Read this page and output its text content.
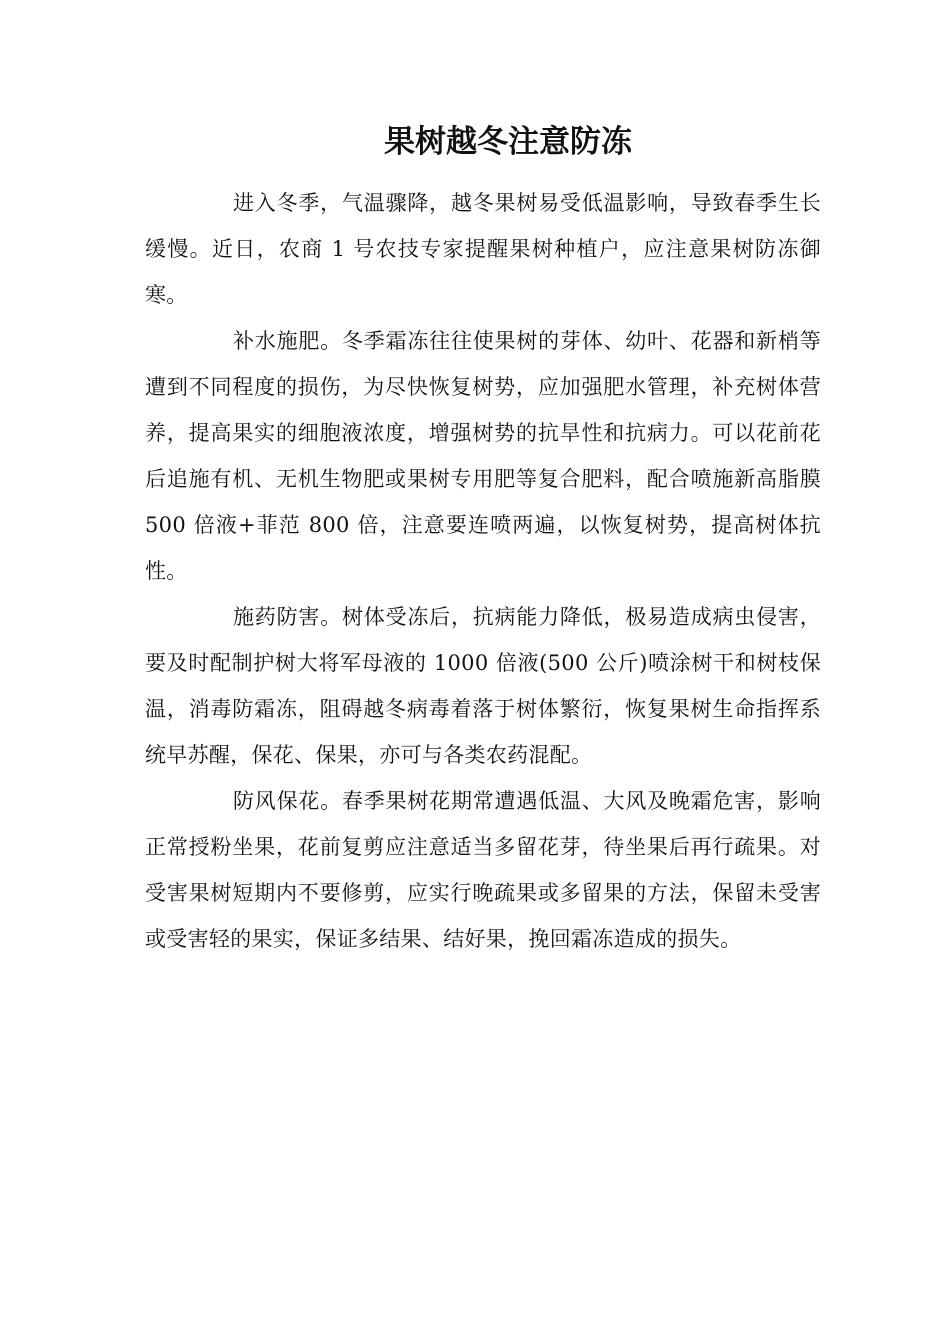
果树越冬注意防冻

进入冬季，气温骤降，越冬果树易受低温影响，导致春季生长缓慢。近日，农商 1 号农技专家提醒果树种植户，应注意果树防冻御寒。

补水施肥。冬季霜冻往往使果树的芽体、幼叶、花器和新梢等遭到不同程度的损伤，为尽快恢复树势，应加强肥水管理，补充树体营养，提高果实的细胞液浓度，增强树势的抗旱性和抗病力。可以花前花后追施有机、无机生物肥或果树专用肥等复合肥料，配合喷施新高脂膜 500 倍液+菲范 800 倍，注意要连喷两遍，以恢复树势，提高树体抗性。

施药防害。树体受冻后，抗病能力降低，极易造成病虫侵害，要及时配制护树大将军母液的 1000 倍液(500 公斤)喷涂树干和树枝保温，消毒防霜冻，阻碍越冬病毒着落于树体繁衍，恢复果树生命指挥系统早苏醒，保花、保果，亦可与各类农药混配。

防风保花。春季果树花期常遭遇低温、大风及晚霜危害，影响正常授粉坐果，花前复剪应注意适当多留花芽，待坐果后再行疏果。对受害果树短期内不要修剪，应实行晚疏果或多留果的方法，保留未受害或受害轻的果实，保证多结果、结好果，挽回霜冻造成的损失。
